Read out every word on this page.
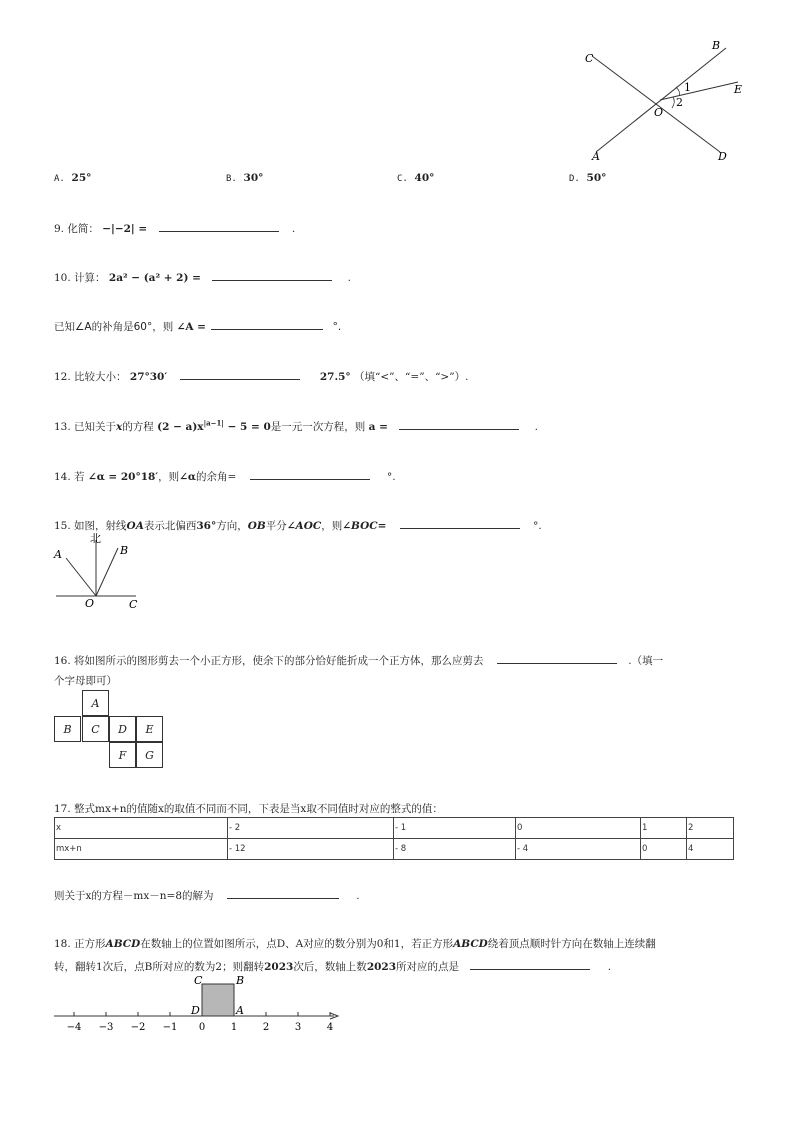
C
B
E
1
2
O
A	D
A. 25°	B. 30°	C. 40°	D. 50°
9. 化简： −|−2| =	.
10. 计算： 2a² − (a² + 2) =	.
已知∠A的补角是60°，则 ∠A =	°.
12. 比较大小： 27°30′	27.5° （填“<”、“=”、“>”）.
13. 已知关于x的方程 $(2 - a)x^{|a-1|} - 5 = 0$是一元一次方程，则 a =	.
14. 若 ∠α = 20°18′，则∠α的余角=	°.
15. 如图，射线OA表示北偏西36°方向，OB平分∠AOC，则∠BOC=	°.
北
A	B
O	C
16. 将如图所示的图形剪去一个小正方形，使余下的部分恰好能折成一个正方体，那么应剪去	.（填一
个字母即可）
A
B	C	D	E
F	G
17. 整式mx+n的值随x的取值不同而不同，下表是当x取不同值时对应的整式的值：
x	- 2	- 1	0	1	2
mx+n	- 12	- 8	- 4	0	4
则关于x的方程－mx－n=8的解为	.
18. 正方形ABCD在数轴上的位置如图所示，点D、A对应的数分别为0和1，若正方形ABCD绕着顶点顺时针方向在数轴上连续翻
转，翻转1次后，点B所对应的数为2；则翻转2023次后，数轴上数2023所对应的点是	.
−4 −3 −2 −1 0	1	2	3	4
C	B
D	A
